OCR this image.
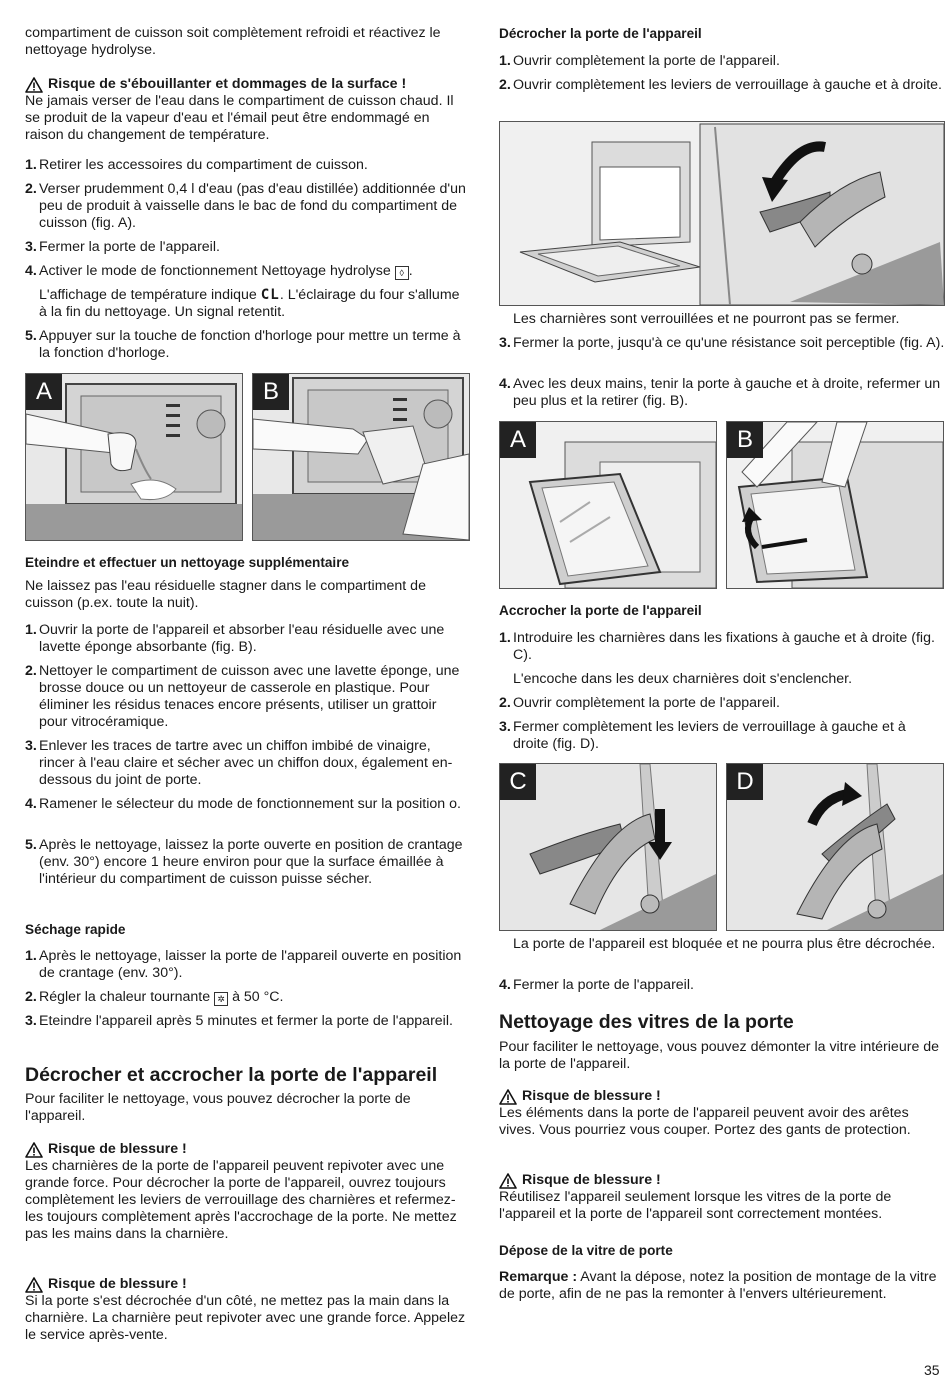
compartiment de cuisson soit complètement refroidi et réactivez le nettoyage hydrolyse.

Risque de s'ébouillanter et dommages de la surface !

Ne jamais verser de l'eau dans le compartiment de cuisson chaud. Il se produit de la vapeur d'eau et l'émail peut être endommagé en raison du changement de température.

1. Retirer les accessoires du compartiment de cuisson.
2. Verser prudemment 0,4 l d'eau (pas d'eau distillée) additionnée d'un peu de produit à vaisselle dans le bac de fond du compartiment de cuisson (fig. A).
3. Fermer la porte de l'appareil.
4. Activer le mode de fonctionnement Nettoyage hydrolyse ◊ .
L'affichage de température indique CL. L'éclairage du four s'allume à la fin du nettoyage. Un signal retentit.
5. Appuyer sur la touche de fonction d'horloge pour mettre un terme à la fonction d'horloge.
A	B
Eteindre et effectuer un nettoyage supplémentaire

Ne laissez pas l'eau résiduelle stagner dans le compartiment de cuisson (p.ex. toute la nuit).

1. Ouvrir la porte de l'appareil et absorber l'eau résiduelle avec une lavette éponge absorbante (fig. B).
2. Nettoyer le compartiment de cuisson avec une lavette éponge, une brosse douce ou un nettoyeur de casserole en plastique. Pour éliminer les résidus tenaces encore présents, utiliser un grattoir pour vitrocéramique.
3. Enlever les traces de tartre avec un chiffon imbibé de vinaigre, rincer à l'eau claire et sécher avec un chiffon doux, également en-dessous du joint de porte.
4. Ramener le sélecteur du mode de fonctionnement sur la position o.
5. Après le nettoyage, laissez la porte ouverte en position de crantage (env. 30°) encore 1 heure environ pour que la surface émaillée à l'intérieur du compartiment de cuisson puisse sécher.
Séchage rapide
1. Après le nettoyage, laisser la porte de l'appareil ouverte en position de crantage (env. 30°).
2. Régler la chaleur tournante ✲ à 50 °C.
3. Eteindre l'appareil après 5 minutes et fermer la porte de l'appareil.
Décrocher et accrocher la porte de l'appareil

Pour faciliter le nettoyage, vous pouvez décrocher la porte de l'appareil.

Risque de blessure !

Les charnières de la porte de l'appareil peuvent repivoter avec une grande force. Pour décrocher la porte de l'appareil, ouvrez toujours complètement les leviers de verrouillage des charnières et refermez-les toujours complètement après l'accrochage de la porte. Ne mettez pas les mains dans la charnière.

Risque de blessure !

Si la porte s'est décrochée d'un côté, ne mettez pas la main dans la charnière. La charnière peut repivoter avec une grande force. Appelez le service après-vente.

Décrocher la porte de l'appareil
1. Ouvrir complètement la porte de l'appareil.
2. Ouvrir complètement les leviers de verrouillage à gauche et à droite.

Les charnières sont verrouillées et ne pourront pas se fermer.

3. Fermer la porte, jusqu'à ce qu'une résistance soit perceptible (fig. A).
4. Avec les deux mains, tenir la porte à gauche et à droite, refermer un peu plus et la retirer (fig. B).
A	B
Accrocher la porte de l'appareil
1. Introduire les charnières dans les fixations à gauche et à droite (fig. C).

L'encoche dans les deux charnières doit s'enclencher.

2. Ouvrir complètement la porte de l'appareil.
3. Fermer complètement les leviers de verrouillage à gauche et à droite (fig. D).
C	D

La porte de l'appareil est bloquée et ne pourra plus être décrochée.

4. Fermer la porte de l'appareil.
Nettoyage des vitres de la porte

Pour faciliter le nettoyage, vous pouvez démonter la vitre intérieure de la porte de l'appareil.

Risque de blessure !

Les éléments dans la porte de l'appareil peuvent avoir des arêtes vives. Vous pourriez vous couper. Portez des gants de protection.

Risque de blessure !

Réutilisez l'appareil seulement lorsque les vitres de la porte de l'appareil et la porte de l'appareil sont correctement montées.

Dépose de la vitre de porte

Remarque : Avant la dépose, notez la position de montage de la vitre de porte, afin de ne pas la remonter à l'envers ultérieurement.

35
